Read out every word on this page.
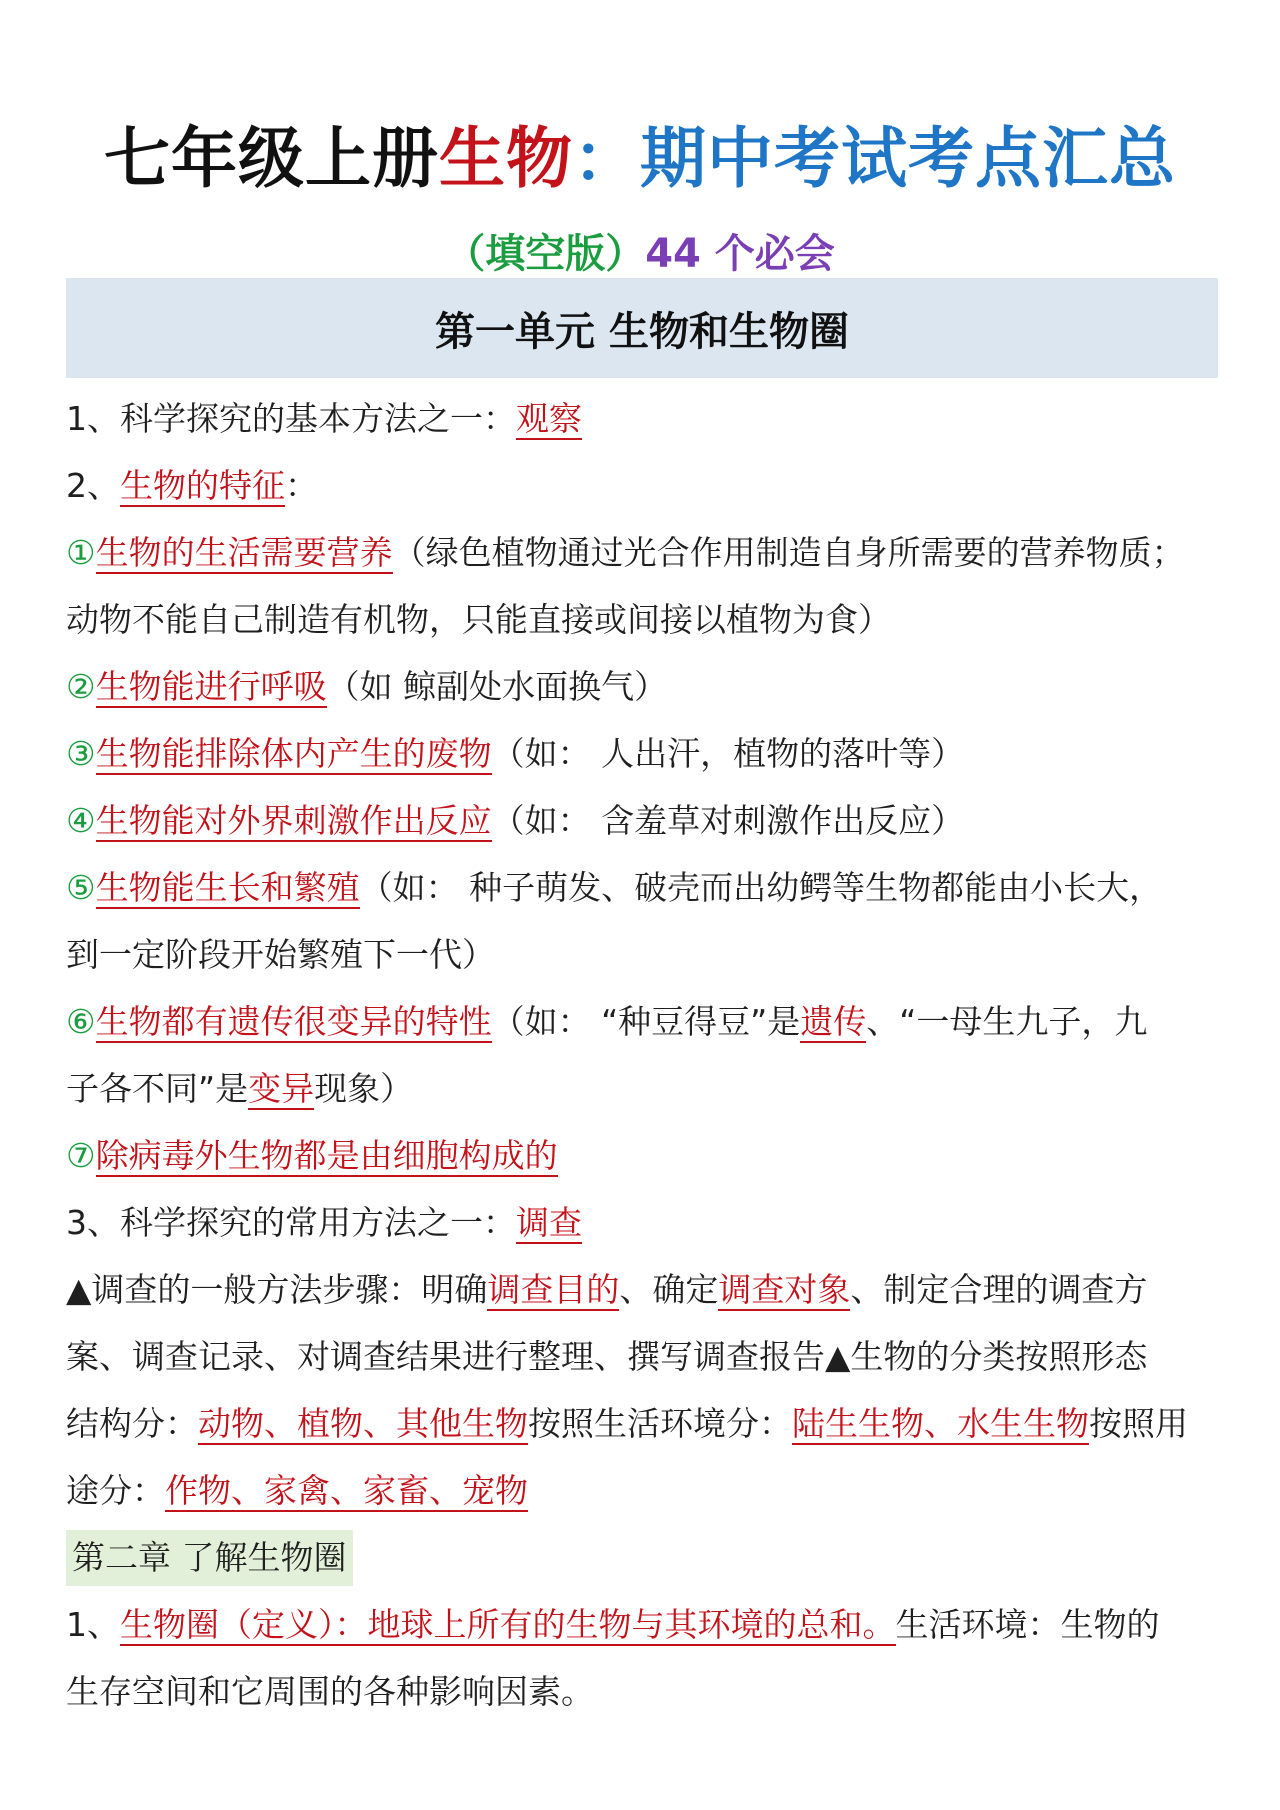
七年级上册生物：期中考试考点汇总
（填空版）44 个必会
第一单元 生物和生物圈
1、科学探究的基本方法之一：观察
2、生物的特征：
①生物的生活需要营养（绿色植物通过光合作用制造自身所需要的营养物质；
动物不能自己制造有机物，只能直接或间接以植物为食）
②生物能进行呼吸（如 鲸副处水面换气）
③生物能排除体内产生的废物（如： 人出汗，植物的落叶等）
④生物能对外界刺激作出反应（如： 含羞草对刺激作出反应）
⑤生物能生长和繁殖（如： 种子萌发、破壳而出幼鳄等生物都能由小长大，
到一定阶段开始繁殖下一代）
⑥生物都有遗传很变异的特性（如： “种豆得豆”是遗传、“一母生九子，九
子各不同”是变异现象）
⑦除病毒外生物都是由细胞构成的
3、科学探究的常用方法之一：调查
▲调查的一般方法步骤：明确调查目的、确定调查对象、制定合理的调查方
案、调查记录、对调查结果进行整理、撰写调查报告▲生物的分类按照形态
结构分：动物、植物、其他生物按照生活环境分：陆生生物、水生生物按照用
途分：作物、家禽、家畜、宠物
第二章 了解生物圈
1、生物圈（定义）：地球上所有的生物与其环境的总和。生活环境：生物的
生存空间和它周围的各种影响因素。
